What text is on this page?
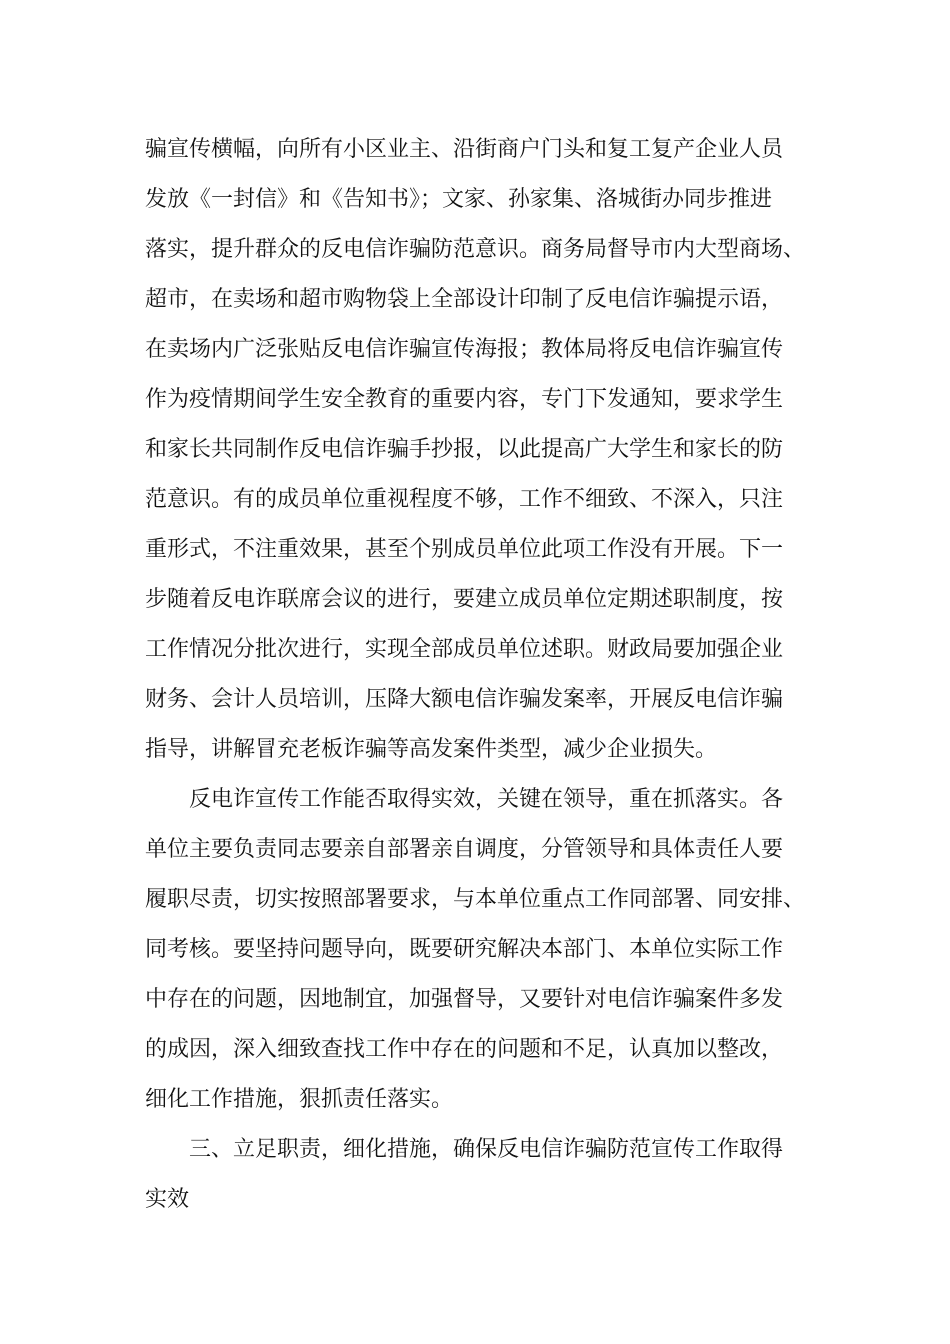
骗宣传横幅，向所有小区业主、沿街商户门头和复工复产企业人员
发放《一封信》和《告知书》；文家、孙家集、洛城街办同步推进
落实，提升群众的反电信诈骗防范意识。商务局督导市内大型商场、
超市，在卖场和超市购物袋上全部设计印制了反电信诈骗提示语，
在卖场内广泛张贴反电信诈骗宣传海报；教体局将反电信诈骗宣传
作为疫情期间学生安全教育的重要内容，专门下发通知，要求学生
和家长共同制作反电信诈骗手抄报，以此提高广大学生和家长的防
范意识。有的成员单位重视程度不够，工作不细致、不深入，只注
重形式，不注重效果，甚至个别成员单位此项工作没有开展。下一
步随着反电诈联席会议的进行，要建立成员单位定期述职制度，按
工作情况分批次进行，实现全部成员单位述职。财政局要加强企业
财务、会计人员培训，压降大额电信诈骗发案率，开展反电信诈骗
指导，讲解冒充老板诈骗等高发案件类型，减少企业损失。
反电诈宣传工作能否取得实效，关键在领导，重在抓落实。各
单位主要负责同志要亲自部署亲自调度，分管领导和具体责任人要
履职尽责，切实按照部署要求，与本单位重点工作同部署、同安排、
同考核。要坚持问题导向，既要研究解决本部门、本单位实际工作
中存在的问题，因地制宜，加强督导，又要针对电信诈骗案件多发
的成因，深入细致查找工作中存在的问题和不足，认真加以整改，
细化工作措施，狠抓责任落实。
三、立足职责，细化措施，确保反电信诈骗防范宣传工作取得
实效
